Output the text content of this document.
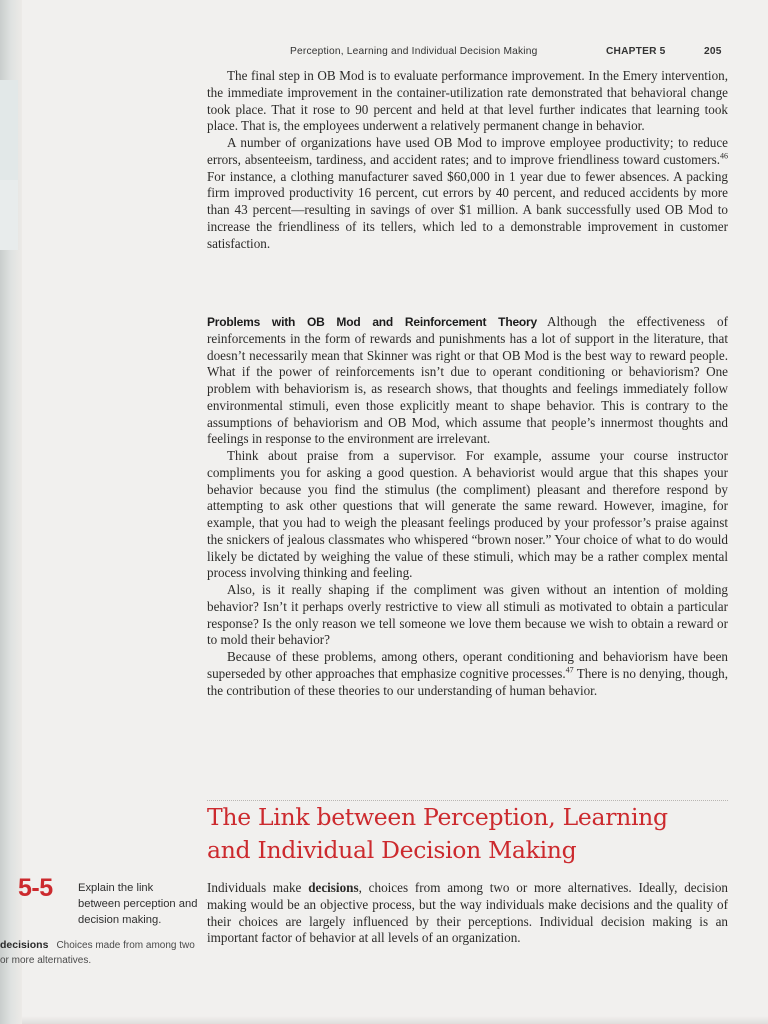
Perception, Learning and Individual Decision Making	CHAPTER 5	205

The final step in OB Mod is to evaluate performance improvement. In the Emery intervention, the immediate improvement in the container-utilization rate demonstrated that behavioral change took place. That it rose to 90 percent and held at that level further indicates that learning took place. That is, the employees underwent a relatively permanent change in behavior.

A number of organizations have used OB Mod to improve employee productivity; to reduce errors, absenteeism, tardiness, and accident rates; and to improve friendliness toward customers.$^{46}$ For instance, a clothing manufacturer saved $60,000 in 1 year due to fewer absences. A packing firm improved productivity 16 percent, cut errors by 40 percent, and reduced accidents by more than 43 percent—resulting in savings of over $1 million. A bank successfully used OB Mod to increase the friendliness of its tellers, which led to a demonstrable improvement in customer satisfaction.

Problems with OB Mod and Reinforcement Theory Although the effectiveness of reinforcements in the form of rewards and punishments has a lot of support in the literature, that doesn’t necessarily mean that Skinner was right or that OB Mod is the best way to reward people. What if the power of reinforcements isn’t due to operant conditioning or behaviorism? One problem with behaviorism is, as research shows, that thoughts and feelings immediately follow environmental stimuli, even those explicitly meant to shape behavior. This is contrary to the assumptions of behaviorism and OB Mod, which assume that people’s innermost thoughts and feelings in response to the environment are irrelevant.

Think about praise from a supervisor. For example, assume your course instructor compliments you for asking a good question. A behaviorist would argue that this shapes your behavior because you find the stimulus (the compliment) pleasant and therefore respond by attempting to ask other questions that will generate the same reward. However, imagine, for example, that you had to weigh the pleasant feelings produced by your professor’s praise against the snickers of jealous classmates who whispered “brown noser.” Your choice of what to do would likely be dictated by weighing the value of these stimuli, which may be a rather complex mental process involving thinking and feeling.

Also, is it really shaping if the compliment was given without an intention of molding behavior? Isn’t it perhaps overly restrictive to view all stimuli as motivated to obtain a particular response? Is the only reason we tell someone we love them because we wish to obtain a reward or to mold their behavior?

Because of these problems, among others, operant conditioning and behaviorism have been superseded by other approaches that emphasize cognitive processes.$^{47}$ There is no denying, though, the contribution of these theories to our understanding of human behavior.

The Link between Perception, Learning
and Individual Decision Making
5-5 Explain the link between perception and decision making.
decisions Choices made from among two or more alternatives.

Individuals make decisions, choices from among two or more alternatives. Ideally, decision making would be an objective process, but the way individuals make decisions and the quality of their choices are largely influenced by their perceptions. Individual decision making is an important factor of behavior at all levels of an organization.
